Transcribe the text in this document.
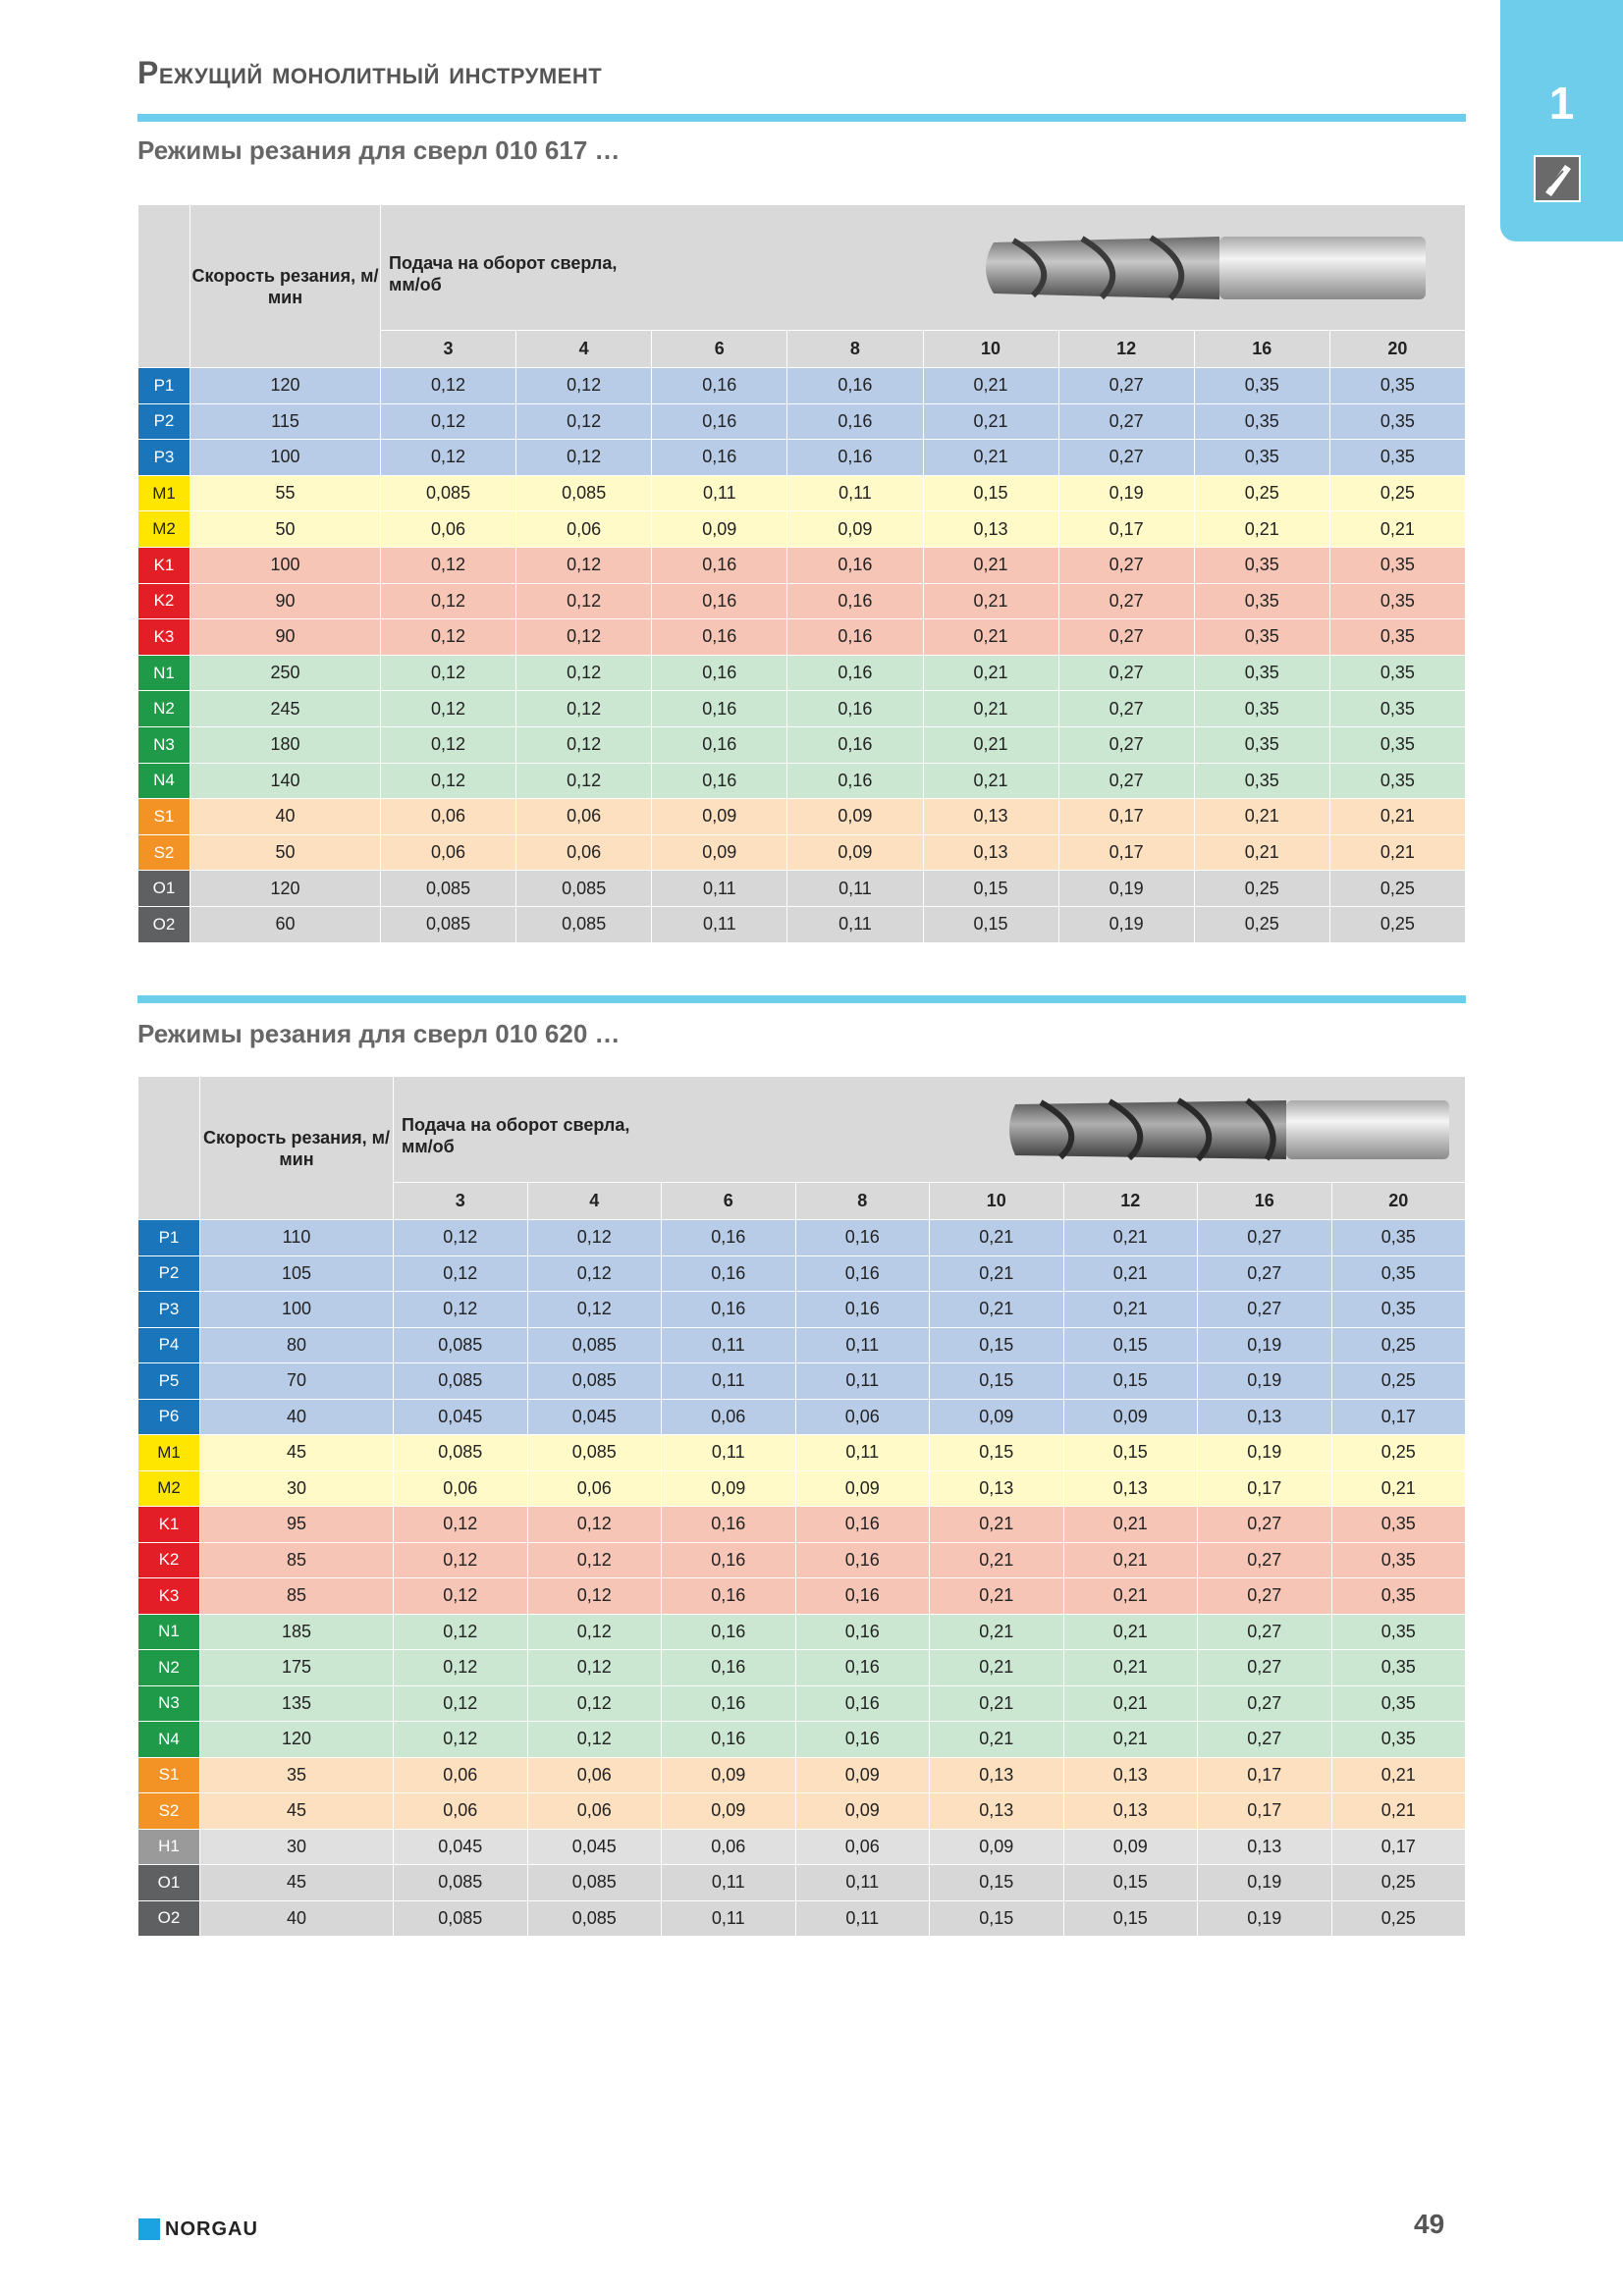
Режущий монолитный инструмент
1
Режимы резания для сверл 010 617 …
	Скорость резания, м/мин	Подача на оборот сверла, мм/об							

		3	4	6	8	10	12	16	20
P1	120	0,12	0,12	0,16	0,16	0,21	0,27	0,35	0,35
P2	115	0,12	0,12	0,16	0,16	0,21	0,27	0,35	0,35
P3	100	0,12	0,12	0,16	0,16	0,21	0,27	0,35	0,35
M1	55	0,085	0,085	0,11	0,11	0,15	0,19	0,25	0,25
M2	50	0,06	0,06	0,09	0,09	0,13	0,17	0,21	0,21
K1	100	0,12	0,12	0,16	0,16	0,21	0,27	0,35	0,35
K2	90	0,12	0,12	0,16	0,16	0,21	0,27	0,35	0,35
K3	90	0,12	0,12	0,16	0,16	0,21	0,27	0,35	0,35
N1	250	0,12	0,12	0,16	0,16	0,21	0,27	0,35	0,35
N2	245	0,12	0,12	0,16	0,16	0,21	0,27	0,35	0,35
N3	180	0,12	0,12	0,16	0,16	0,21	0,27	0,35	0,35
N4	140	0,12	0,12	0,16	0,16	0,21	0,27	0,35	0,35
S1	40	0,06	0,06	0,09	0,09	0,13	0,17	0,21	0,21
S2	50	0,06	0,06	0,09	0,09	0,13	0,17	0,21	0,21
O1	120	0,085	0,085	0,11	0,11	0,15	0,19	0,25	0,25
O2	60	0,085	0,085	0,11	0,11	0,15	0,19	0,25	0,25
Режимы резания для сверл 010 620 …
	Скорость резания, м/мин	Подача на оборот сверла, мм/об							

		3	4	6	8	10	12	16	20
P1	110	0,12	0,12	0,16	0,16	0,21	0,21	0,27	0,35
P2	105	0,12	0,12	0,16	0,16	0,21	0,21	0,27	0,35
P3	100	0,12	0,12	0,16	0,16	0,21	0,21	0,27	0,35
P4	80	0,085	0,085	0,11	0,11	0,15	0,15	0,19	0,25
P5	70	0,085	0,085	0,11	0,11	0,15	0,15	0,19	0,25
P6	40	0,045	0,045	0,06	0,06	0,09	0,09	0,13	0,17
M1	45	0,085	0,085	0,11	0,11	0,15	0,15	0,19	0,25
M2	30	0,06	0,06	0,09	0,09	0,13	0,13	0,17	0,21
K1	95	0,12	0,12	0,16	0,16	0,21	0,21	0,27	0,35
K2	85	0,12	0,12	0,16	0,16	0,21	0,21	0,27	0,35
K3	85	0,12	0,12	0,16	0,16	0,21	0,21	0,27	0,35
N1	185	0,12	0,12	0,16	0,16	0,21	0,21	0,27	0,35
N2	175	0,12	0,12	0,16	0,16	0,21	0,21	0,27	0,35
N3	135	0,12	0,12	0,16	0,16	0,21	0,21	0,27	0,35
N4	120	0,12	0,12	0,16	0,16	0,21	0,21	0,27	0,35
S1	35	0,06	0,06	0,09	0,09	0,13	0,13	0,17	0,21
S2	45	0,06	0,06	0,09	0,09	0,13	0,13	0,17	0,21
H1	30	0,045	0,045	0,06	0,06	0,09	0,09	0,13	0,17
O1	45	0,085	0,085	0,11	0,11	0,15	0,15	0,19	0,25
O2	40	0,085	0,085	0,11	0,11	0,15	0,15	0,19	0,25
NORGAU	49
